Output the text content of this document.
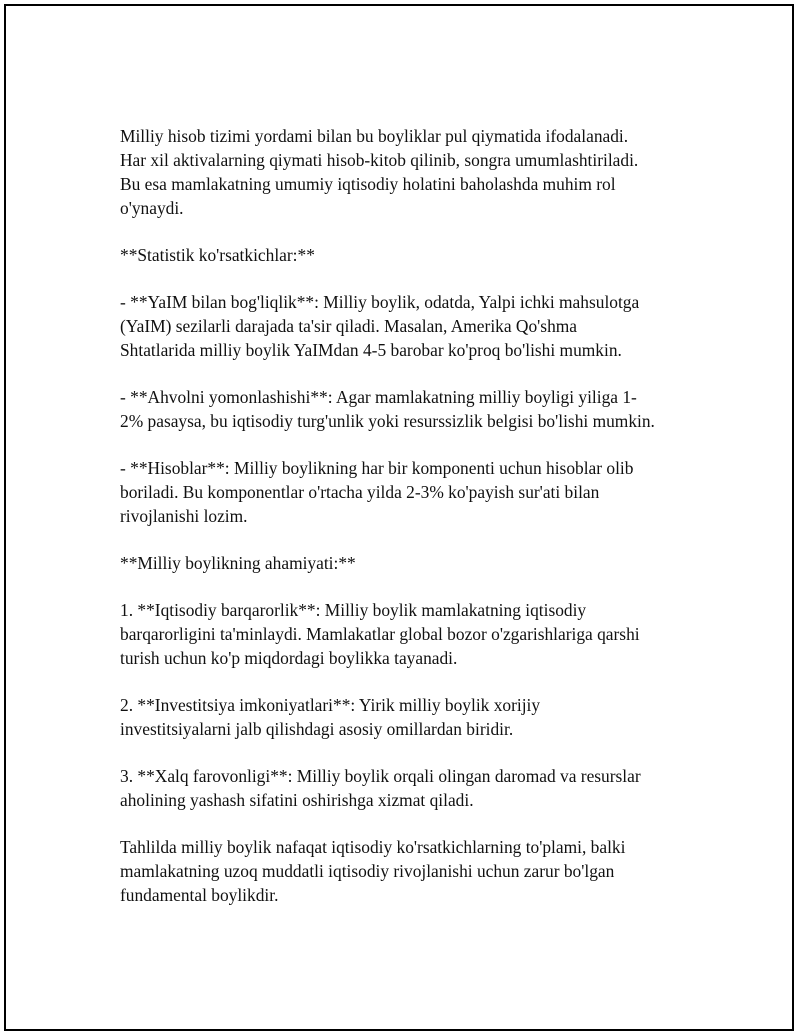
Milliy hisob tizimi yordami bilan bu boyliklar pul qiymatida ifodalanadi.
Har xil aktivalarning qiymati hisob-kitob qilinib, songra umumlashtiriladi.
Bu esa mamlakatning umumiy iqtisodiy holatini baholashda muhim rol
o'ynaydi.

**Statistik ko'rsatkichlar:**

- **YaIM bilan bog'liqlik**: Milliy boylik, odatda, Yalpi ichki mahsulotga
(YaIM) sezilarli darajada ta'sir qiladi. Masalan, Amerika Qo'shma
Shtatlarida milliy boylik YaIMdan 4-5 barobar ko'proq bo'lishi mumkin.

- **Ahvolni yomonlashishi**: Agar mamlakatning milliy boyligi yiliga 1-
2% pasaysa, bu iqtisodiy turg'unlik yoki resurssizlik belgisi bo'lishi mumkin.

- **Hisoblar**: Milliy boylikning har bir komponenti uchun hisoblar olib
boriladi. Bu komponentlar o'rtacha yilda 2-3% ko'payish sur'ati bilan
rivojlanishi lozim.

**Milliy boylikning ahamiyati:**

1. **Iqtisodiy barqarorlik**: Milliy boylik mamlakatning iqtisodiy
barqarorligini ta'minlaydi. Mamlakatlar global bozor o'zgarishlariga qarshi
turish uchun ko'p miqdordagi boylikka tayanadi.

2. **Investitsiya imkoniyatlari**: Yirik milliy boylik xorijiy
investitsiyalarni jalb qilishdagi asosiy omillardan biridir.

3. **Xalq farovonligi**: Milliy boylik orqali olingan daromad va resurslar
aholining yashash sifatini oshirishga xizmat qiladi.

Tahlilda milliy boylik nafaqat iqtisodiy ko'rsatkichlarning to'plami, balki
mamlakatning uzoq muddatli iqtisodiy rivojlanishi uchun zarur bo'lgan
fundamental boylikdir.
